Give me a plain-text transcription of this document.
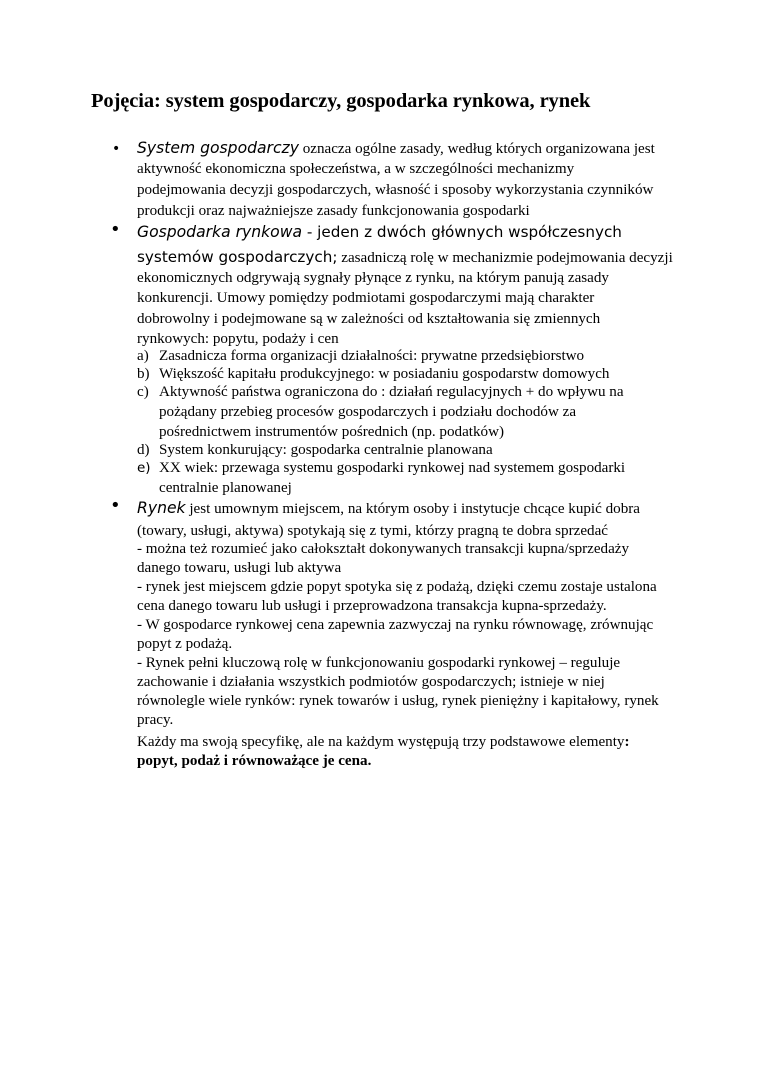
Pojęcia: system gospodarczy, gospodarka rynkowa, rynek
• System gospodarczy oznacza ogólne zasady, według których organizowana jest

aktywność ekonomiczna społeczeństwa, a w szczególności mechanizmy

podejmowania decyzji gospodarczych, własność i sposoby wykorzystania czynników

produkcji oraz najważniejsze zasady funkcjonowania gospodarki

• Gospodarka rynkowa - jeden z dwóch głównych współczesnych

systemów gospodarczych; zasadniczą rolę w mechanizmie podejmowania decyzji

ekonomicznych odgrywają sygnały płynące z rynku, na którym panują zasady

konkurencji. Umowy pomiędzy podmiotami gospodarczymi mają charakter

dobrowolny i podejmowane są w zależności od kształtowania się zmiennych

rynkowych: popytu, podaży i cen

a) Zasadnicza forma organizacji działalności: prywatne przedsiębiorstwo

b) Większość kapitału produkcyjnego: w posiadaniu gospodarstw domowych

c) Aktywność państwa ograniczona do : działań regulacyjnych + do wpływu na

pożądany przebieg procesów gospodarczych i podziału dochodów za

pośrednictwem instrumentów pośrednich (np. podatków)

d) System konkurujący: gospodarka centralnie planowana

e) XX wiek: przewaga systemu gospodarki rynkowej nad systemem gospodarki

centralnie planowanej

• Rynek jest umownym miejscem, na którym osoby i instytucje chcące kupić dobra

(towary, usługi, aktywa) spotykają się z tymi, którzy pragną te dobra sprzedać

- można też rozumieć jako całokształt dokonywanych transakcji kupna/sprzedaży

danego towaru, usługi lub aktywa

- rynek jest miejscem gdzie popyt spotyka się z podażą, dzięki czemu zostaje ustalona

cena danego towaru lub usługi i przeprowadzona transakcja kupna-sprzedaży.

- W gospodarce rynkowej cena zapewnia zazwyczaj na rynku równowagę, zrównując

popyt z podażą.

- Rynek pełni kluczową rolę w funkcjonowaniu gospodarki rynkowej – reguluje

zachowanie i działania wszystkich podmiotów gospodarczych; istnieje w niej

równolegle wiele rynków: rynek towarów i usług, rynek pieniężny i kapitałowy, rynek

pracy.

Każdy ma swoją specyfikę, ale na każdym występują trzy podstawowe elementy:

popyt, podaż i równoważące je cena.
